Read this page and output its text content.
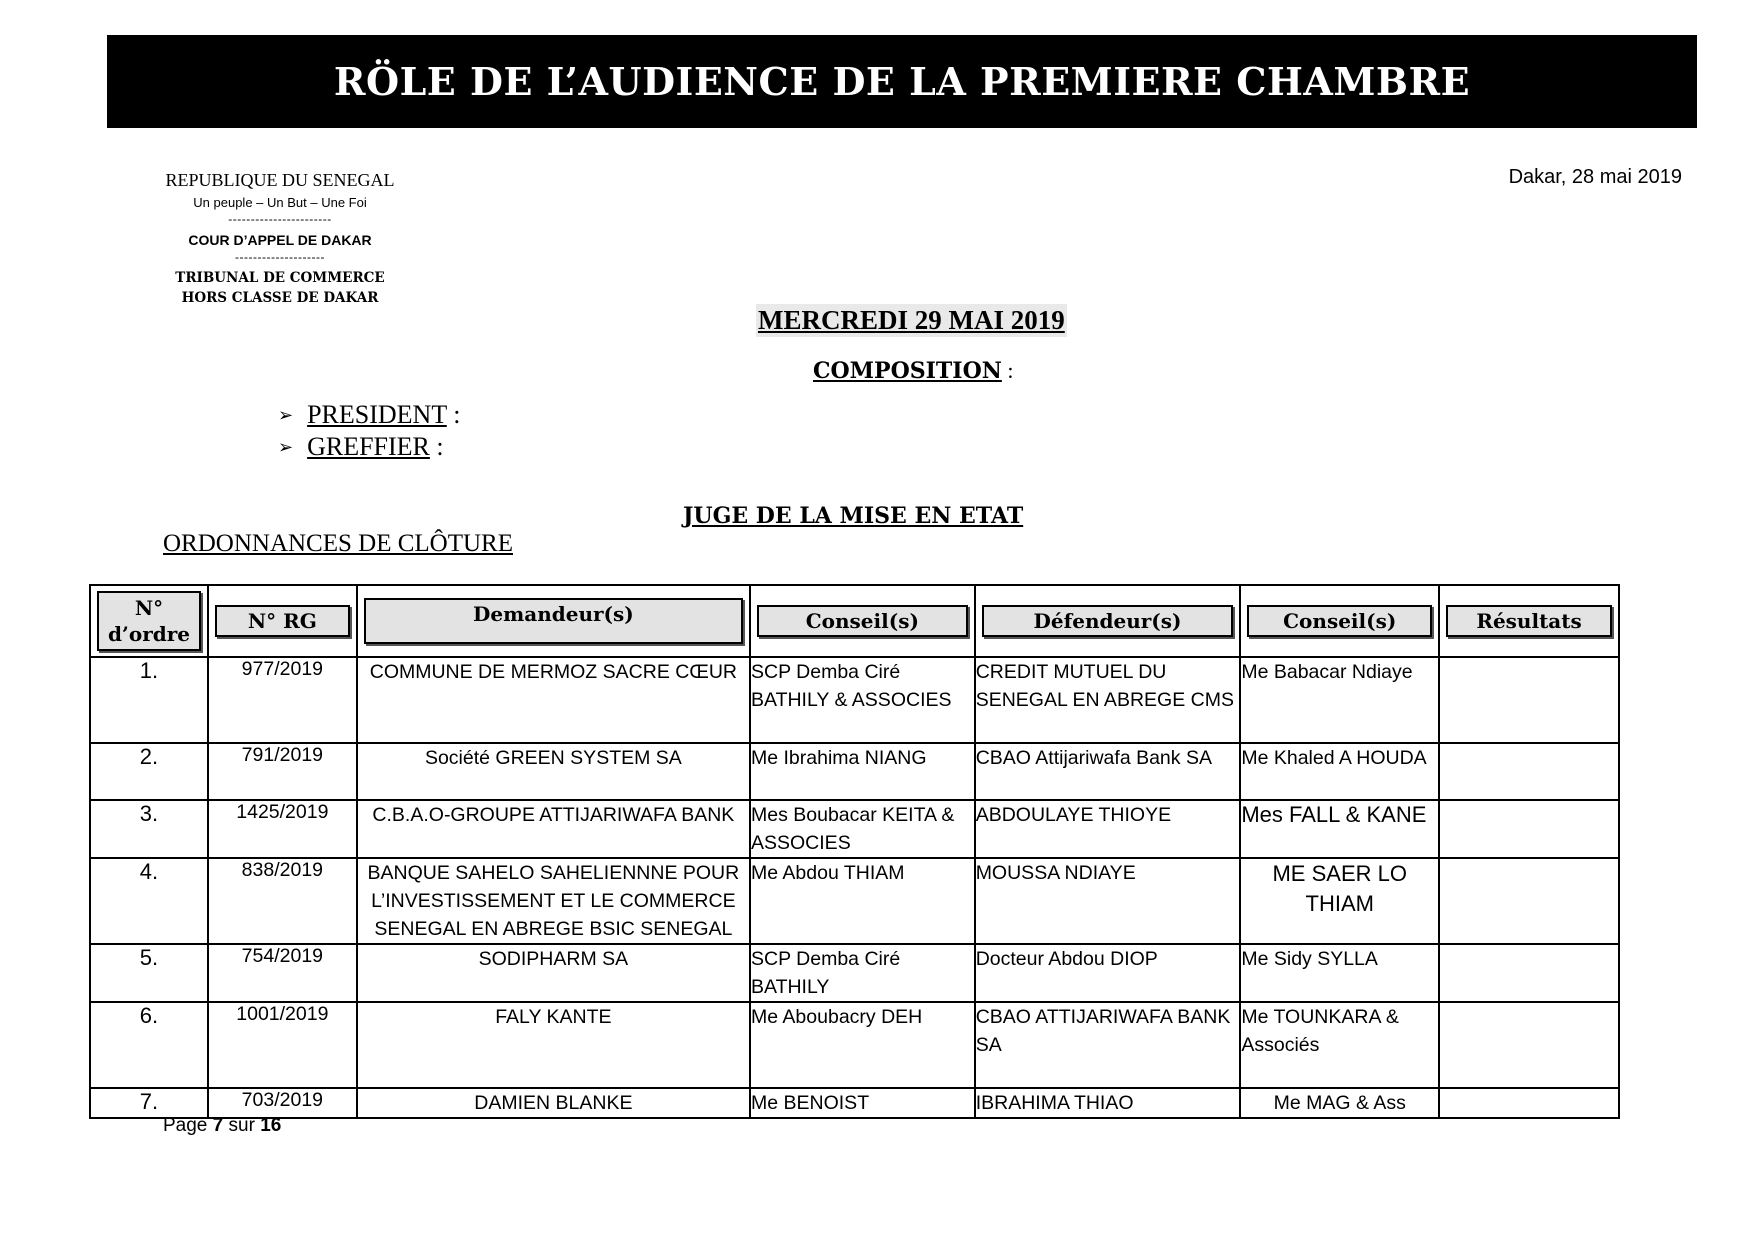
RÖLE DE L’AUDIENCE DE LA PREMIERE CHAMBRE
REPUBLIQUE DU SENEGAL
Un peuple – Un But – Une Foi
-----------------------
COUR D’APPEL DE DAKAR
--------------------
TRIBUNAL DE COMMERCE
HORS CLASSE DE DAKAR
Dakar, 28 mai 2019
MERCREDI 29 MAI 2019
COMPOSITION :
➢ PRESIDENT :
➢ GREFFIER :
JUGE DE LA MISE EN ETAT
ORDONNANCES DE CLÔTURE
N°
d’ordre	N° RG	Demandeur(s)	Conseil(s)	Défendeur(s)	Conseil(s)	Résultats

1.	977/2019	COMMUNE DE MERMOZ SACRE CŒUR	SCP Demba Ciré BATHILY & ASSOCIES	CREDIT MUTUEL DU SENEGAL EN ABREGE CMS	Me Babacar Ndiaye	
2.	791/2019	Société GREEN SYSTEM SA	Me Ibrahima NIANG	CBAO Attijariwafa Bank SA	Me Khaled A HOUDA	
3.	1425/2019	C.B.A.O-GROUPE ATTIJARIWAFA BANK	Mes Boubacar KEITA & ASSOCIES	ABDOULAYE THIOYE	Mes FALL & KANE	
4.	838/2019	BANQUE SAHELO SAHELIENNNE POUR L’INVESTISSEMENT ET LE COMMERCE SENEGAL EN ABREGE BSIC SENEGAL	Me Abdou THIAM	MOUSSA NDIAYE	ME SAER LO THIAM	
5.	754/2019	SODIPHARM SA	SCP Demba Ciré BATHILY	Docteur Abdou DIOP	Me Sidy SYLLA	
6.	1001/2019	FALY KANTE	Me Aboubacry DEH	CBAO ATTIJARIWAFA BANK SA	Me TOUNKARA & Associés	
7.	703/2019	DAMIEN BLANKE	Me BENOIST	IBRAHIMA THIAO	Me MAG & Ass	
Page 7 sur 16
